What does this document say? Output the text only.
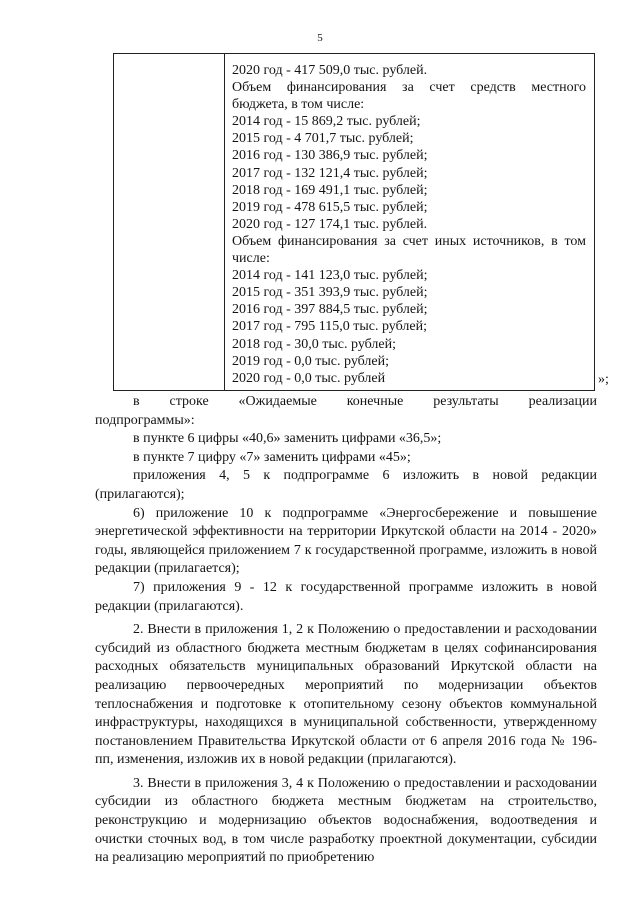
5
2020 год - 417 509,0 тыс. рублей.
Объем финансирования за счет средств местного
бюджета, в том числе:
2014 год - 15 869,2 тыс. рублей;
2015 год - 4 701,7 тыс. рублей;
2016 год - 130 386,9 тыс. рублей;
2017 год - 132 121,4 тыс. рублей;
2018 год - 169 491,1 тыс. рублей;
2019 год - 478 615,5 тыс. рублей;
2020 год - 127 174,1 тыс. рублей.
Объем финансирования за счет иных источников, в том
числе:
2014 год - 141 123,0 тыс. рублей;
2015 год - 351 393,9 тыс. рублей;
2016 год - 397 884,5 тыс. рублей;
2017 год - 795 115,0 тыс. рублей;
2018 год - 30,0 тыс. рублей;
2019 год - 0,0 тыс. рублей;
2020 год - 0,0 тыс. рублей	»;

в строке «Ожидаемые конечные результаты реализации

подпрограммы»:

в пункте 6 цифры «40,6» заменить цифрами «36,5»;

в пункте 7 цифру «7» заменить цифрами «45»;

приложения 4, 5 к подпрограмме 6 изложить в новой редакции (прилагаются);

6) приложение 10 к подпрограмме «Энергосбережение и повышение энергетической эффективности на территории Иркутской области на 2014 - 2020» годы, являющейся приложением 7 к государственной программе, изложить в новой редакции (прилагается);

7) приложения 9 - 12 к государственной программе изложить в новой редакции (прилагаются).

2. Внести в приложения 1, 2 к Положению о предоставлении и расходовании субсидий из областного бюджета местным бюджетам в целях софинансирования расходных обязательств муниципальных образований Иркутской области на реализацию первоочередных мероприятий по модернизации объектов теплоснабжения и подготовке к отопительному сезону объектов коммунальной инфраструктуры, находящихся в муниципальной собственности, утвержденному постановлением Правительства Иркутской области от 6 апреля 2016 года № 196-пп, изменения, изложив их в новой редакции (прилагаются).

3. Внести в приложения 3, 4 к Положению о предоставлении и расходовании субсидии из областного бюджета местным бюджетам на строительство, реконструкцию и модернизацию объектов водоснабжения, водоотведения и очистки сточных вод, в том числе разработку проектной документации, субсидии на реализацию мероприятий по приобретению
